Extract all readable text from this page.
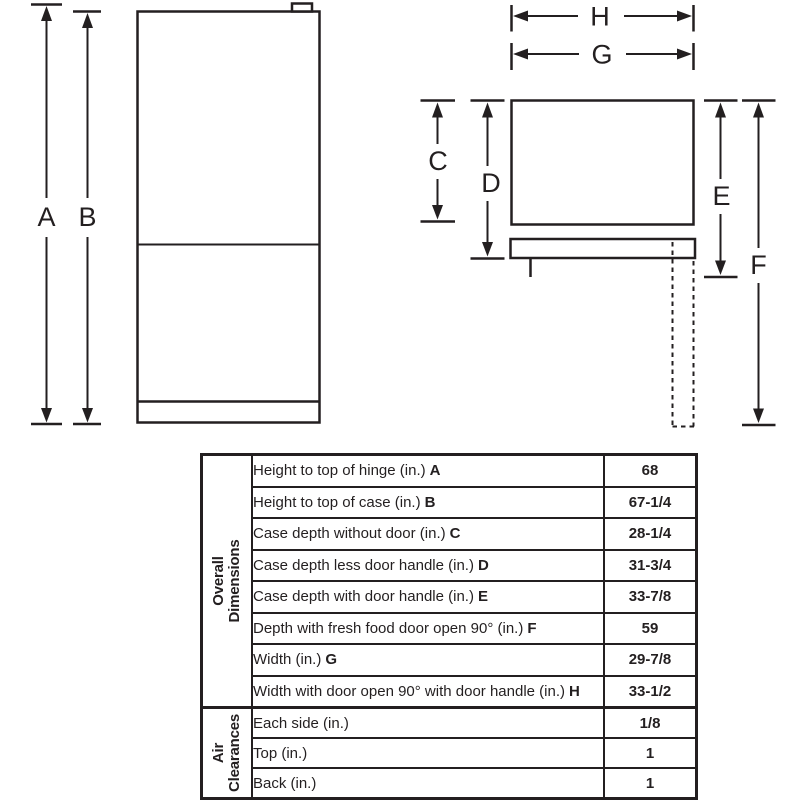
A B
H
G
C
D	E
F
Overall Dimensions	Height to top of hinge (in.) A	68
	Height to top of case (in.) B	67-1/4
	Case depth without door (in.) C	28-1/4
	Case depth less door handle (in.) D	31-3/4
	Case depth with door handle (in.) E	33-7/8
	Depth with fresh food door open 90° (in.) F	59
	Width (in.) G	29-7/8
	Width with door open 90° with door handle (in.) H	33-1/2

Air Clearances	Each side (in.)	1/8
	Top (in.)	1
	Back (in.)	1
